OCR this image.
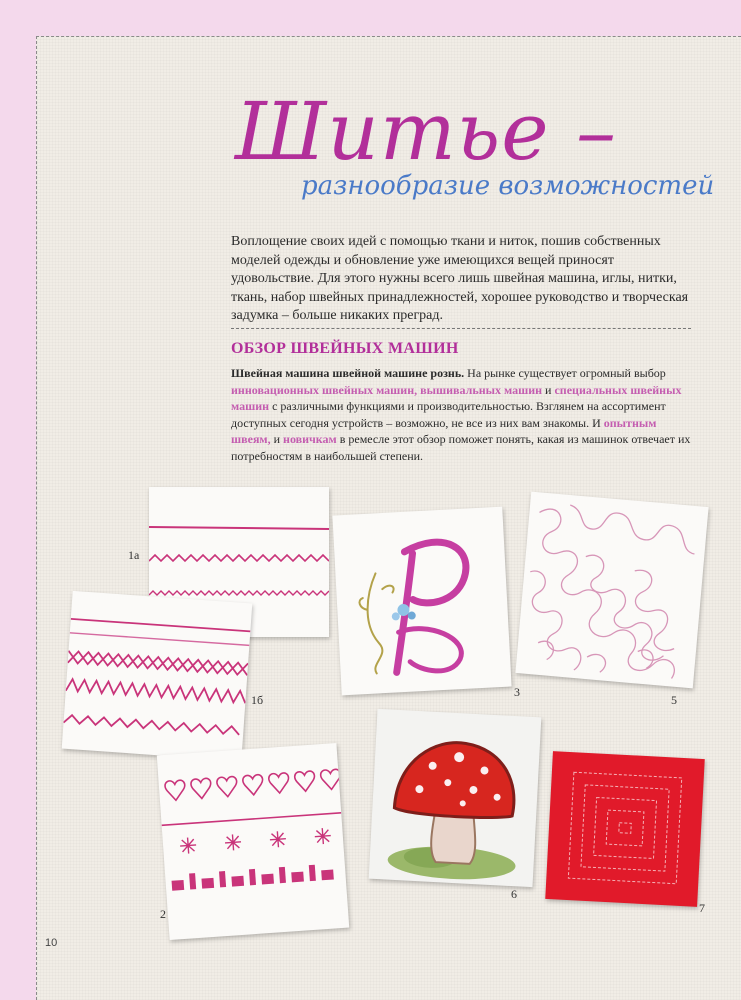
Шитье –
разнообразие возможностей

Воплощение своих идей с помощью ткани и ниток, пошив собственных моделей одежды и обновление уже имеющихся вещей приносят удовольствие. Для этого нужны всего лишь швейная машина, иглы, нитки, ткань, набор швейных принадлежностей, хорошее руководство и творческая задумка – больше никаких преград.

ОБЗОР ШВЕЙНЫХ МАШИН

Швейная машина швейной машине рознь. На рынке существует огромный выбор инновационных швейных машин, вышивальных машин и специальных швейных машин с различными функциями и производительностью. Взглянем на ассортимент доступных сегодня устройств – возможно, не все из них вам знакомы. И опытным швеям, и новичкам в ремесле этот обзор поможет понять, какая из машинок отвечает их потребностям в наибольшей степени.

1а
1б
2
3
5
6
7
10
